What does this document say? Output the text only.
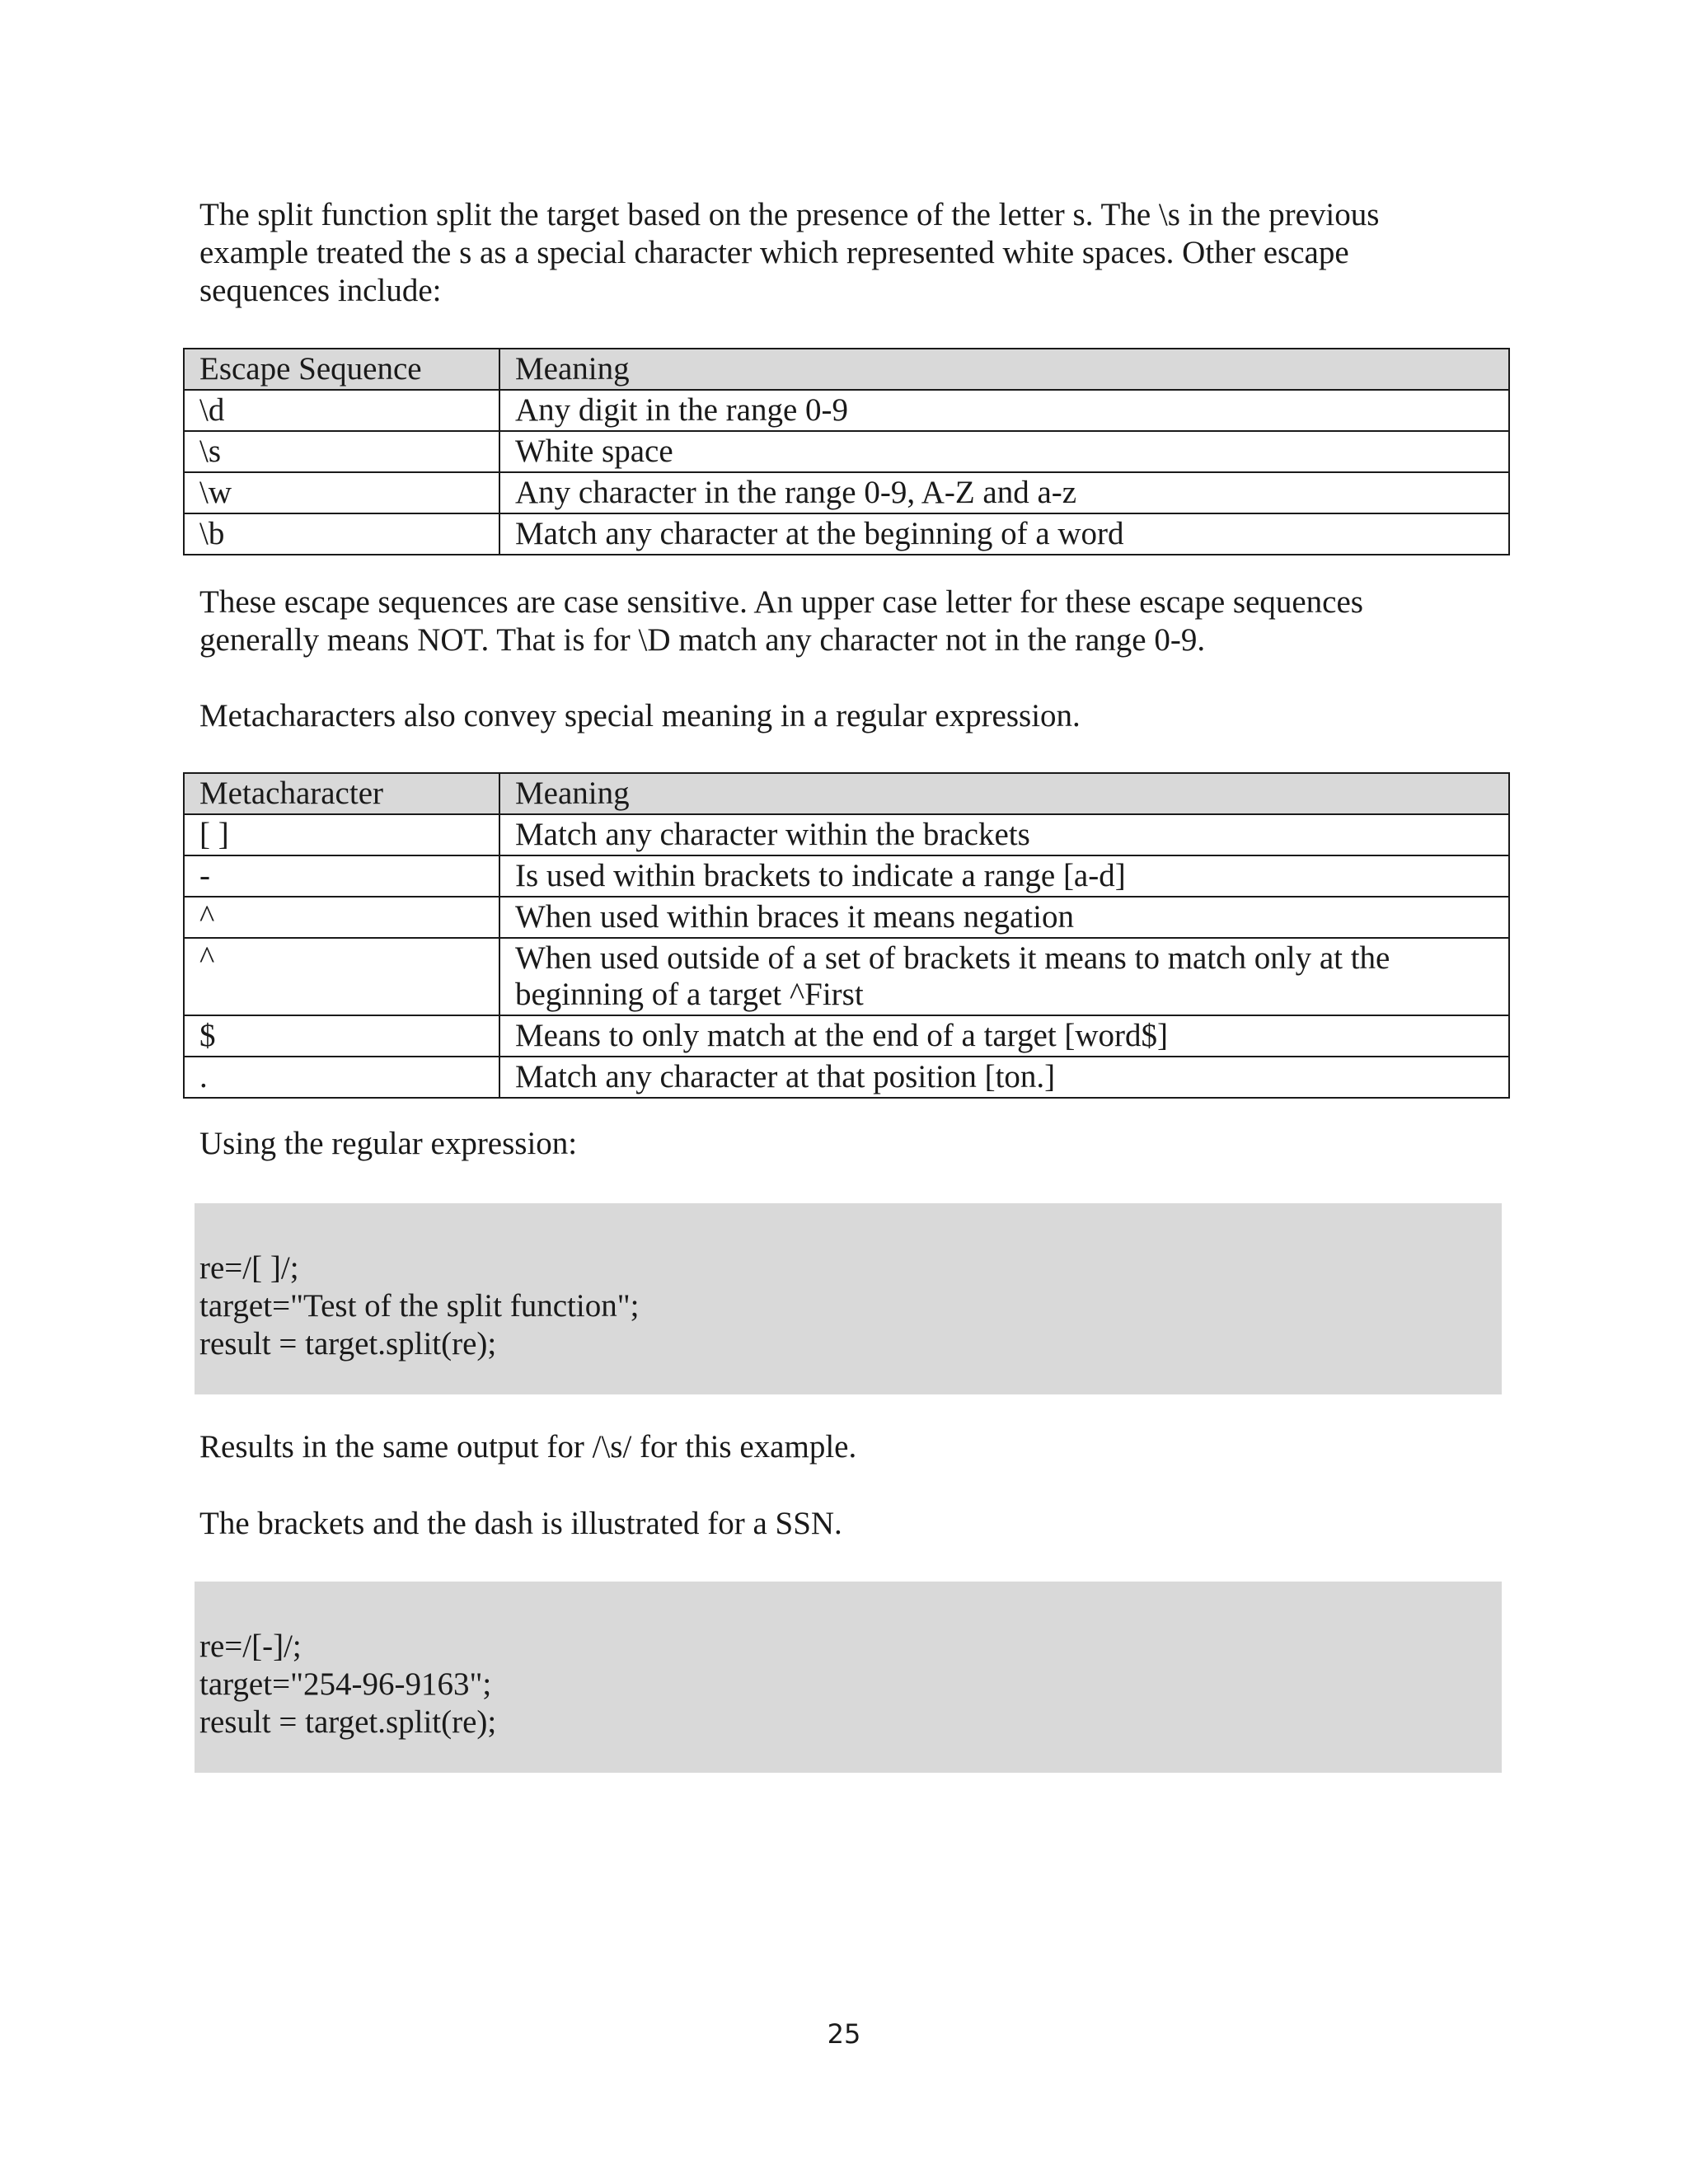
The split function split the target based on the presence of the letter s. The \s in the previous
example treated the s as a special character which represented white spaces. Other escape
sequences include:
Escape Sequence	Meaning
\d	Any digit in the range 0-9
\s	White space
\w	Any character in the range 0-9, A-Z and a-z
\b	Match any character at the beginning of a word
These escape sequences are case sensitive. An upper case letter for these escape sequences
generally means NOT. That is for \D match any character not in the range 0-9.
Metacharacters also convey special meaning in a regular expression.
Metacharacter	Meaning
[ ]	Match any character within the brackets
-	Is used within brackets to indicate a range [a-d]
^	When used within braces it means negation
^	When used outside of a set of brackets it means to match only at the
beginning of a target ^First

$	Means to only match at the end of a target [word$]
.	Match any character at that position [ton.]
Using the regular expression:
re=/[ ]/;
target="Test of the split function";
result = target.split(re);
Results in the same output for /\s/ for this example.
The brackets and the dash is illustrated for a SSN.
re=/[-]/;
target="254-96-9163";
result = target.split(re);
25
